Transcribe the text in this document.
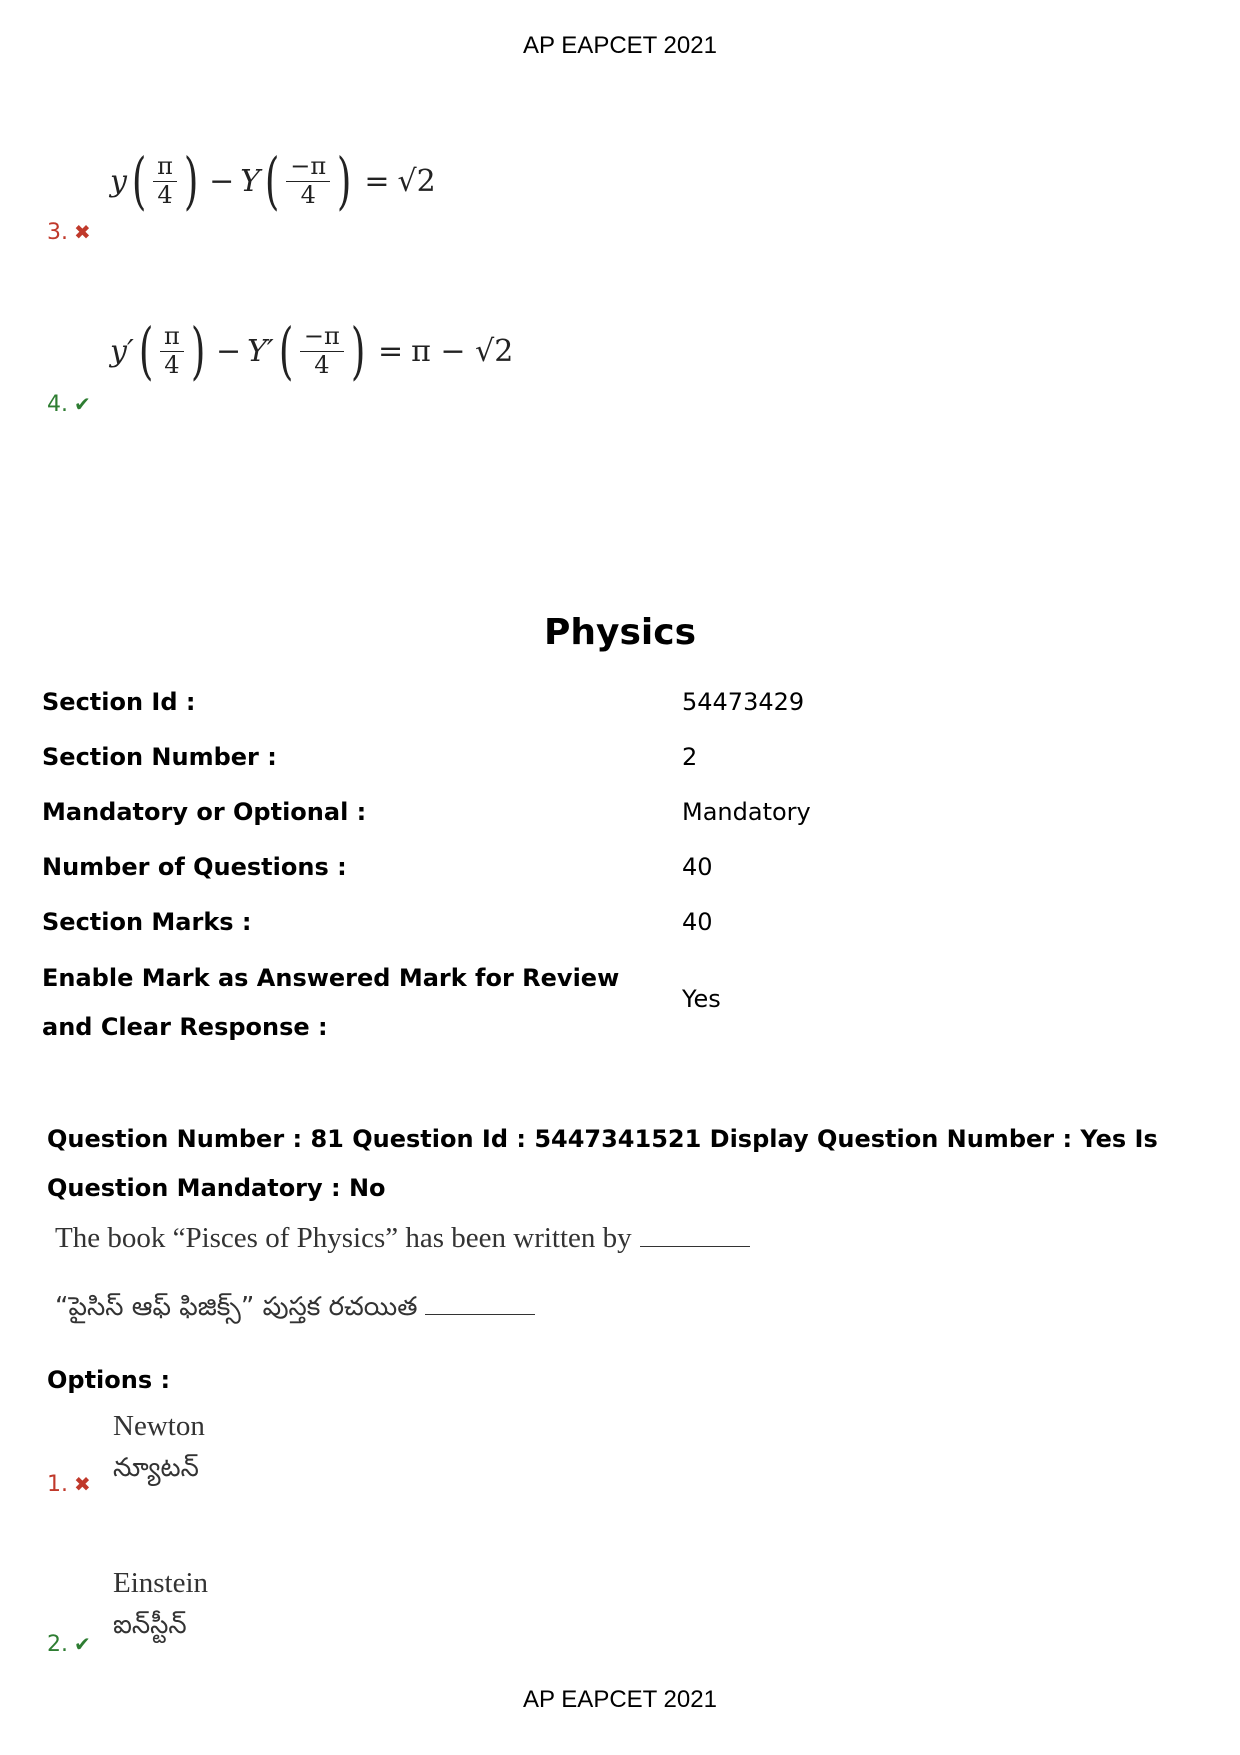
AP EAPCET 2021
y ( $\frac{\pi}{4}$ ) − Y ( $\frac{-\pi}{4}$ ) = √2
3. ✖
y′ ( $\frac{\pi}{4}$ ) − Y′ ( $\frac{-\pi}{4}$ ) = π − √2
4. ✔
Physics
Section Id :	54473429
Section Number :	2
Mandatory or Optional :	Mandatory
Number of Questions :	40
Section Marks :	40
Enable Mark as Answered Mark for Review and Clear Response :
Yes
Question Number : 81 Question Id : 5447341521 Display Question Number : Yes Is Question Mandatory : No
The book “Pisces of Physics” has been written by
“పైసిస్ ఆఫ్ ఫిజిక్స్” పుస్తక రచయిత
Options :
Newton
న్యూటన్
1. ✖
Einstein
ఐన్‌స్టీన్
2. ✔
AP EAPCET 2021
